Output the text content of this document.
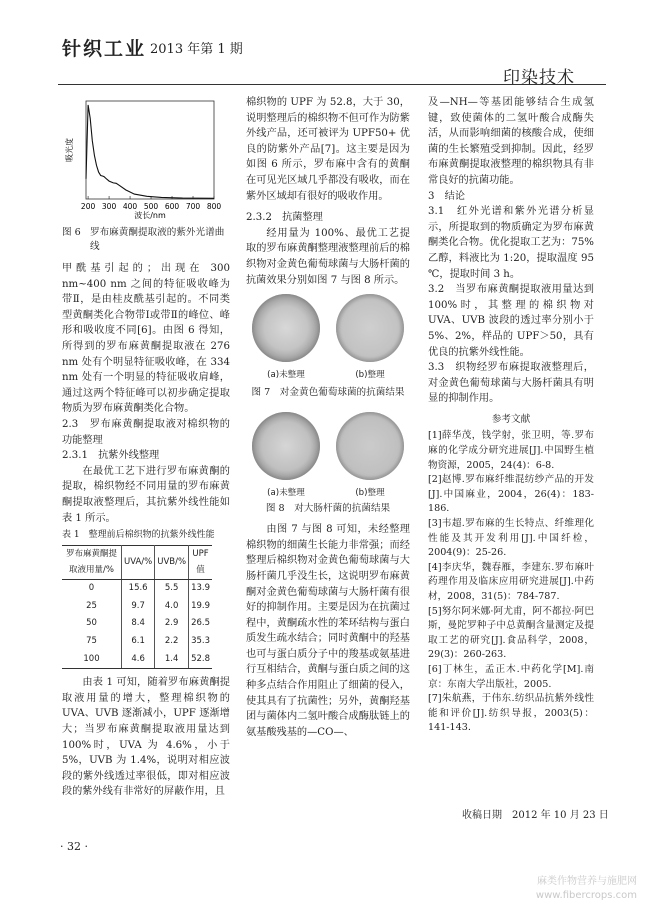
针织工业 2013 年第 1 期
印染技术
吸光度
波长/nm
200 300 400 500 600 700 800
图 6 罗布麻黄酮提取液的紫外光谱曲线

甲酰基引起的；出现在 300 nm~400 nm 之间的特征吸收峰为带Ⅱ，是由桂皮酰基引起的。不同类型黄酮类化合物带Ⅰ或带Ⅱ的峰位、峰形和吸收度不同[6]。由图 6 得知，所得到的罗布麻黄酮提取液在 276 nm 处有个明显特征吸收峰，在 334 nm 处有一个明显的特征吸收肩峰，通过这两个特征峰可以初步确定提取物质为罗布麻黄酮类化合物。

2.3　罗布麻黄酮提取液对棉织物的功能整理

2.3.1　抗紫外线整理

在最优工艺下进行罗布麻黄酮的提取，棉织物经不同用量的罗布麻黄酮提取液整理后，其抗紫外线性能如表 1 所示。

表 1　整理前后棉织物的抗紫外线性能
罗布麻黄酮提取液用量/%	UVA/%	UVB/%	UPF 值
0	15.6	5.5	13.9
25	9.7	4.0	19.9
50	8.4	2.9	26.5
75	6.1	2.2	35.3
100	4.6	1.4	52.8

由表 1 可知，随着罗布麻黄酮提取液用量的增大，整理棉织物的 UVA、UVB 逐渐减小，UPF 逐渐增大；当罗布麻黄酮提取液用量达到 100%时，UVA 为 4.6%，小于 5%，UVB 为 1.4%，说明对相应波段的紫外线透过率很低，即对相应波段的紫外线有非常好的屏蔽作用，且

棉织物的 UPF 为 52.8，大于 30，说明整理后的棉织物不但可作为防紫外线产品，还可被评为 UPF50+ 优良的防紫外产品[7]。这主要是因为如图 6 所示，罗布麻中含有的黄酮在可见光区域几乎都没有吸收，而在紫外区域却有很好的吸收作用。

2.3.2　抗菌整理

经用量为 100%、最优工艺提取的罗布麻黄酮整理液整理前后的棉织物对金黄色葡萄球菌与大肠杆菌的抗菌效果分别如图 7 与图 8 所示。

(a)未整理	(b)整理
图 7　对金黄色葡萄球菌的抗菌结果
(a)未整理	(b)整理
图 8　对大肠杆菌的抗菌结果

由图 7 与图 8 可知，未经整理棉织物的细菌生长能力非常强；而经整理后棉织物对金黄色葡萄球菌与大肠杆菌几乎没生长，这说明罗布麻黄酮对金黄色葡萄球菌与大肠杆菌有很好的抑制作用。主要是因为在抗菌过程中，黄酮疏水性的苯环结构与蛋白质发生疏水结合；同时黄酮中的羟基也可与蛋白质分子中的羧基或氨基进行互相结合，黄酮与蛋白质之间的这种多点结合作用阻止了细菌的侵入，使其具有了抗菌性；另外，黄酮羟基团与菌体内二氢叶酸合成酶肽链上的氨基酸残基的—CO—、

及—NH—等基团能够结合生成氢键，致使菌体的二氢叶酸合成酶失活，从而影响细菌的核酸合成，使细菌的生长繁殖受到抑制。因此，经罗布麻黄酮提取液整理的棉织物具有非常良好的抗菌功能。

3　结论

3.1　红外光谱和紫外光谱分析显示，所提取到的物质确定为罗布麻黄酮类化合物。优化提取工艺为：75%乙醇，料液比为 1:20，提取温度 95 ℃，提取时间 3 h。

3.2　当罗布麻黄酮提取液用量达到 100%时，其整理的棉织物对 UVA、UVB 波段的透过率分别小于 5%、2%，样品的 UPF＞50，具有优良的抗紫外线性能。

3.3　织物经罗布麻提取液整理后，对金黄色葡萄球菌与大肠杆菌具有明显的抑制作用。

参考文献

[1]薛华茂，钱学射，张卫明，等.罗布麻的化学成分研究进展[J].中国野生植物资源，2005，24(4)：6-8.

[2]赵博.罗布麻纤维混纺纱产品的开发[J].中国麻业，2004，26(4)：183-186.

[3]韦超.罗布麻的生长特点、纤维理化性能及其开发利用[J].中国纤检，2004(9)：25-26.

[4]李庆华，魏春雁，李建东.罗布麻叶药理作用及临床应用研究进展[J].中药材，2008，31(5)：784-787.

[5]努尔阿米娜·阿尤甫，阿不都拉·阿巴斯，曼陀罗种子中总黄酮含量测定及提取工艺的研究[J].食品科学，2008，29(3)：260-263.

[6]丁林生，孟正木.中药化学[M].南京：东南大学出版社，2005.

[7]朱航燕，于伟东.纺织品抗紫外线性能和评价[J].纺织导报，2003(5)：141-143.

收稿日期　2012 年 10 月 23 日
· 32 ·
麻类作物营养与施肥网
www.fibercrops.com
